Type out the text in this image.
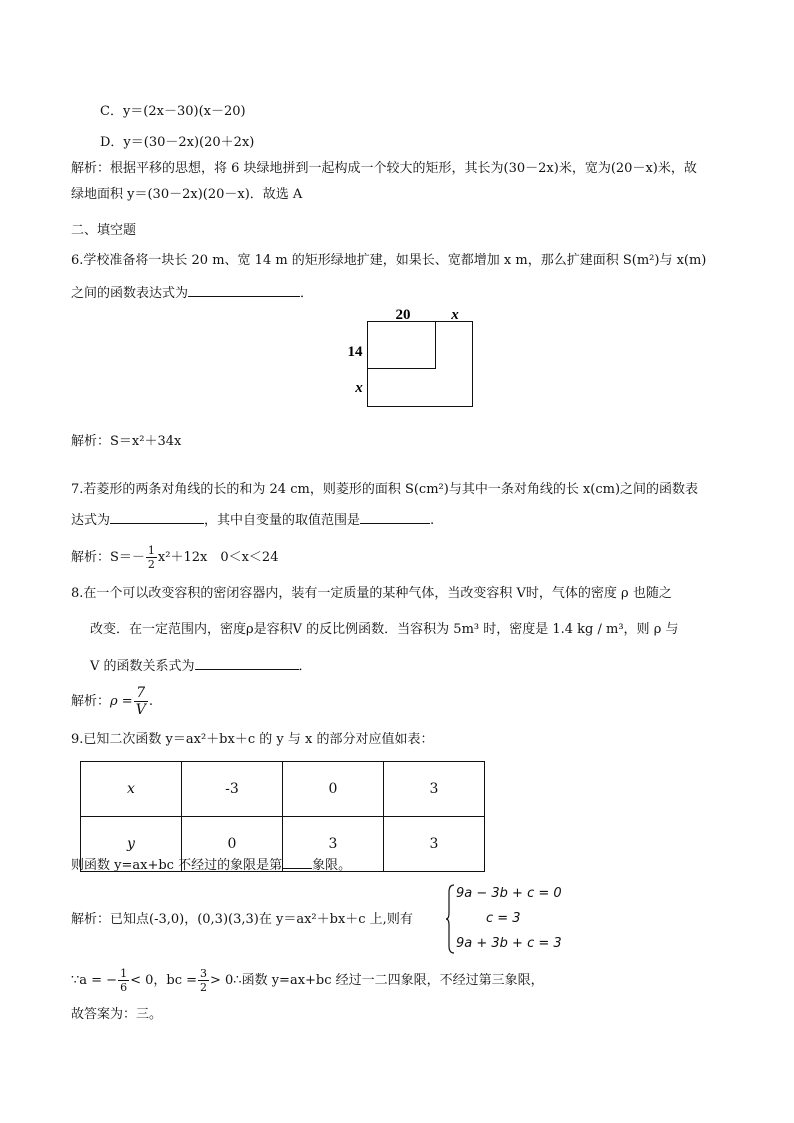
C．y＝(2x－30)(x－20)
D．y＝(30－2x)(20＋2x)
解析：根据平移的思想，将 6 块绿地拼到一起构成一个较大的矩形，其长为(30－2x)米，宽为(20－x)米，故
绿地面积 y＝(30－2x)(20－x)．故选 A
二、填空题
6.学校准备将一块长 20 m、宽 14 m 的矩形绿地扩建，如果长、宽都增加 x m，那么扩建面积 S(m²)与 x(m)
之间的函数表达式为	．
20	x
14
x
解析：S＝x²＋34x
7.若菱形的两条对角线的长的和为 24 cm，则菱形的面积 S(cm²)与其中一条对角线的长 x(cm)之间的函数表
达式为	，其中自变量的取值范围是	.
解析：$S=- \frac{1}{2} x^2+12x$　0＜x＜24
8.在一个可以改变容积的密闭容器内，装有一定质量的某种气体，当改变容积 V时，气体的密度 ρ 也随之
改变．在一定范围内，密度ρ是容积V 的反比例函数．当容积为 5m³ 时，密度是 1.4 kg / m³，则 ρ 与
V 的函数关系式为	．
解析：$\rho = \frac{7}{V}$ .
9.已知二次函数 y＝ax²＋bx＋c 的 y 与 x 的部分对应值如表：
x	-3	0	3
y	0	3	3
则函数 y=ax+bc 不经过的象限是第 象限。
解析：已知点(-3,0)，(0,3)(3,3)在 y＝ax²＋bx＋c 上,则有
9a − 3b + c = 0
c = 3
9a + 3b + c = 3
∵a = − $\frac{1}{6} < 0$，bc = $\frac{3}{2}$ > 0∴函数 y=ax+bc 经过一二四象限，不经过第三象限，
故答案为：三。
